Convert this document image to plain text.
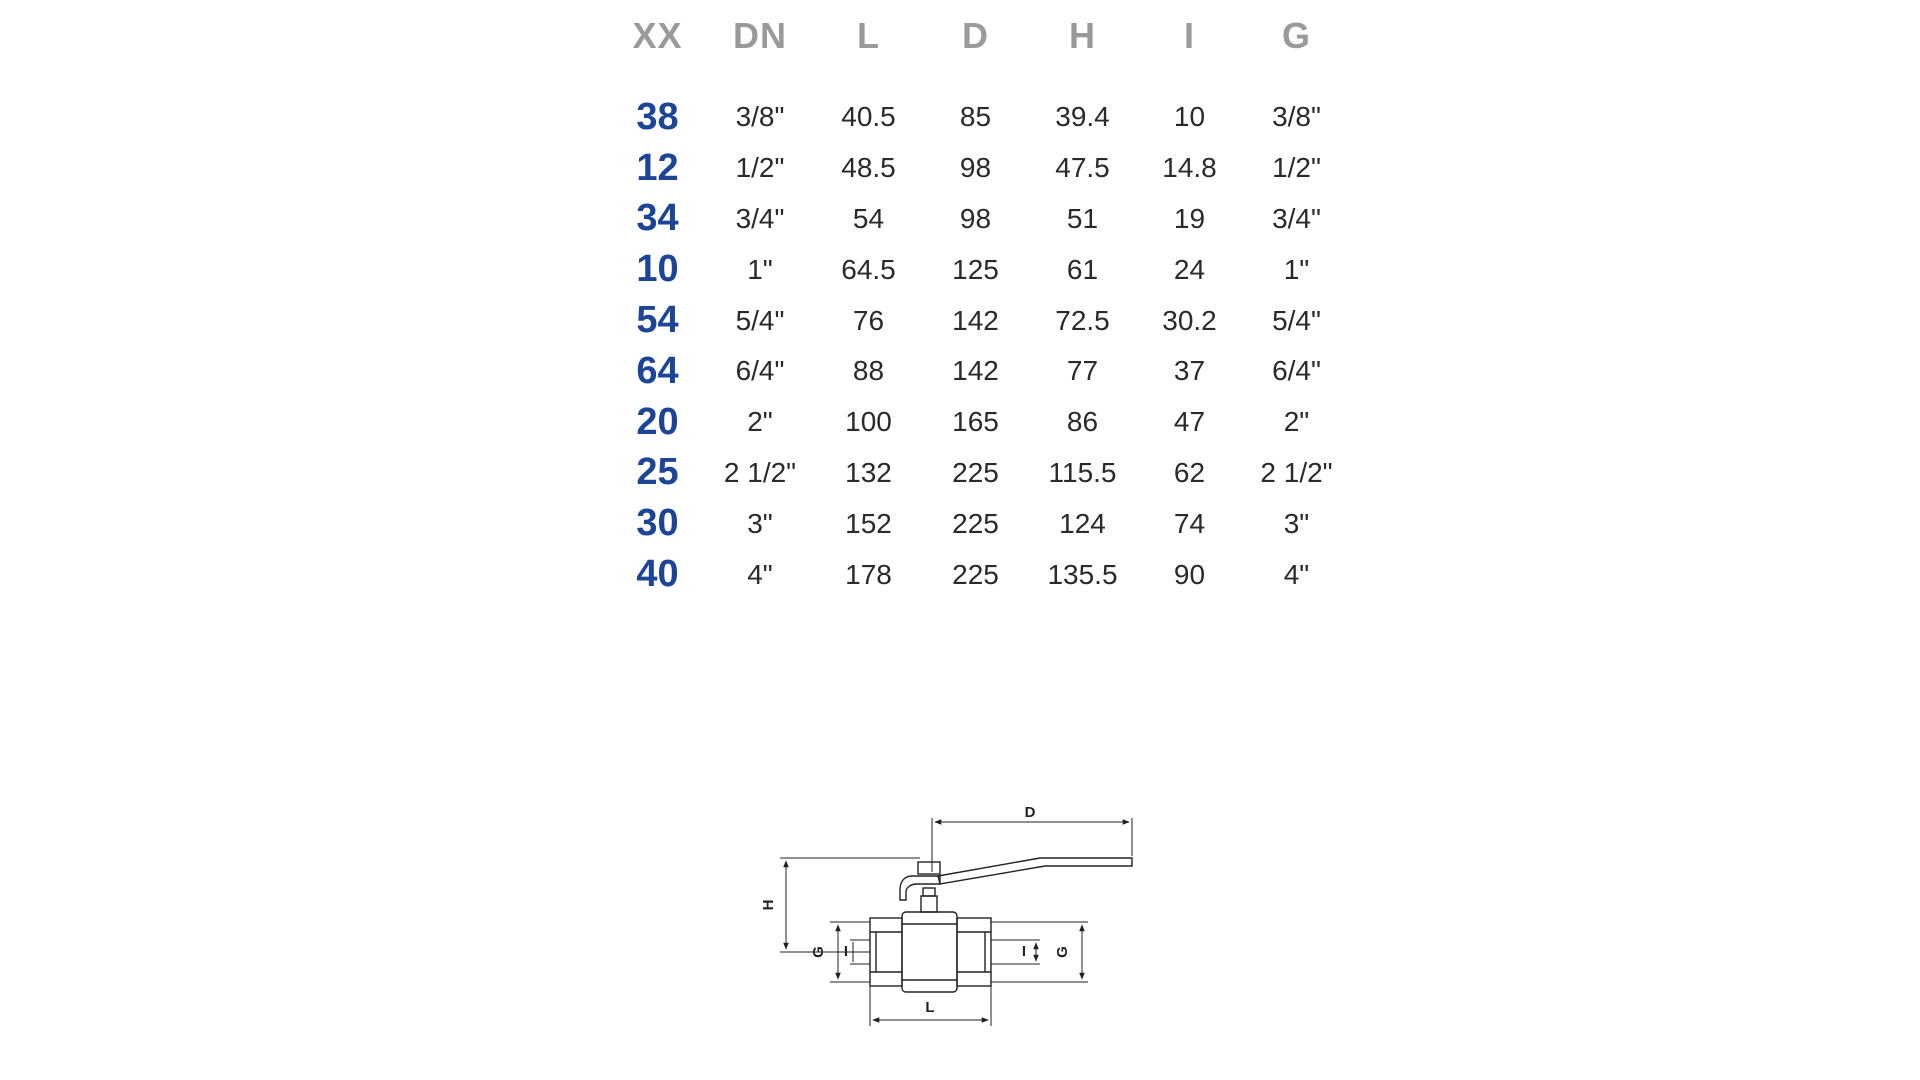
XX	DN	L	D	H	I	G

38	3/8"	40.5	85	39.4	10	3/8"
12	1/2"	48.5	98	47.5	14.8	1/2"
34	3/4"	54	98	51	19	3/4"
10	1"	64.5	125	61	24	1"
54	5/4"	76	142	72.5	30.2	5/4"
64	6/4"	88	142	77	37	6/4"
20	2"	100	165	86	47	2"
25	2 1/2"	132	225	115.5	62	2 1/2"
30	3"	152	225	124	74	3"
40	4"	178	225	135.5	90	4"
D
H
G I	I G
L
